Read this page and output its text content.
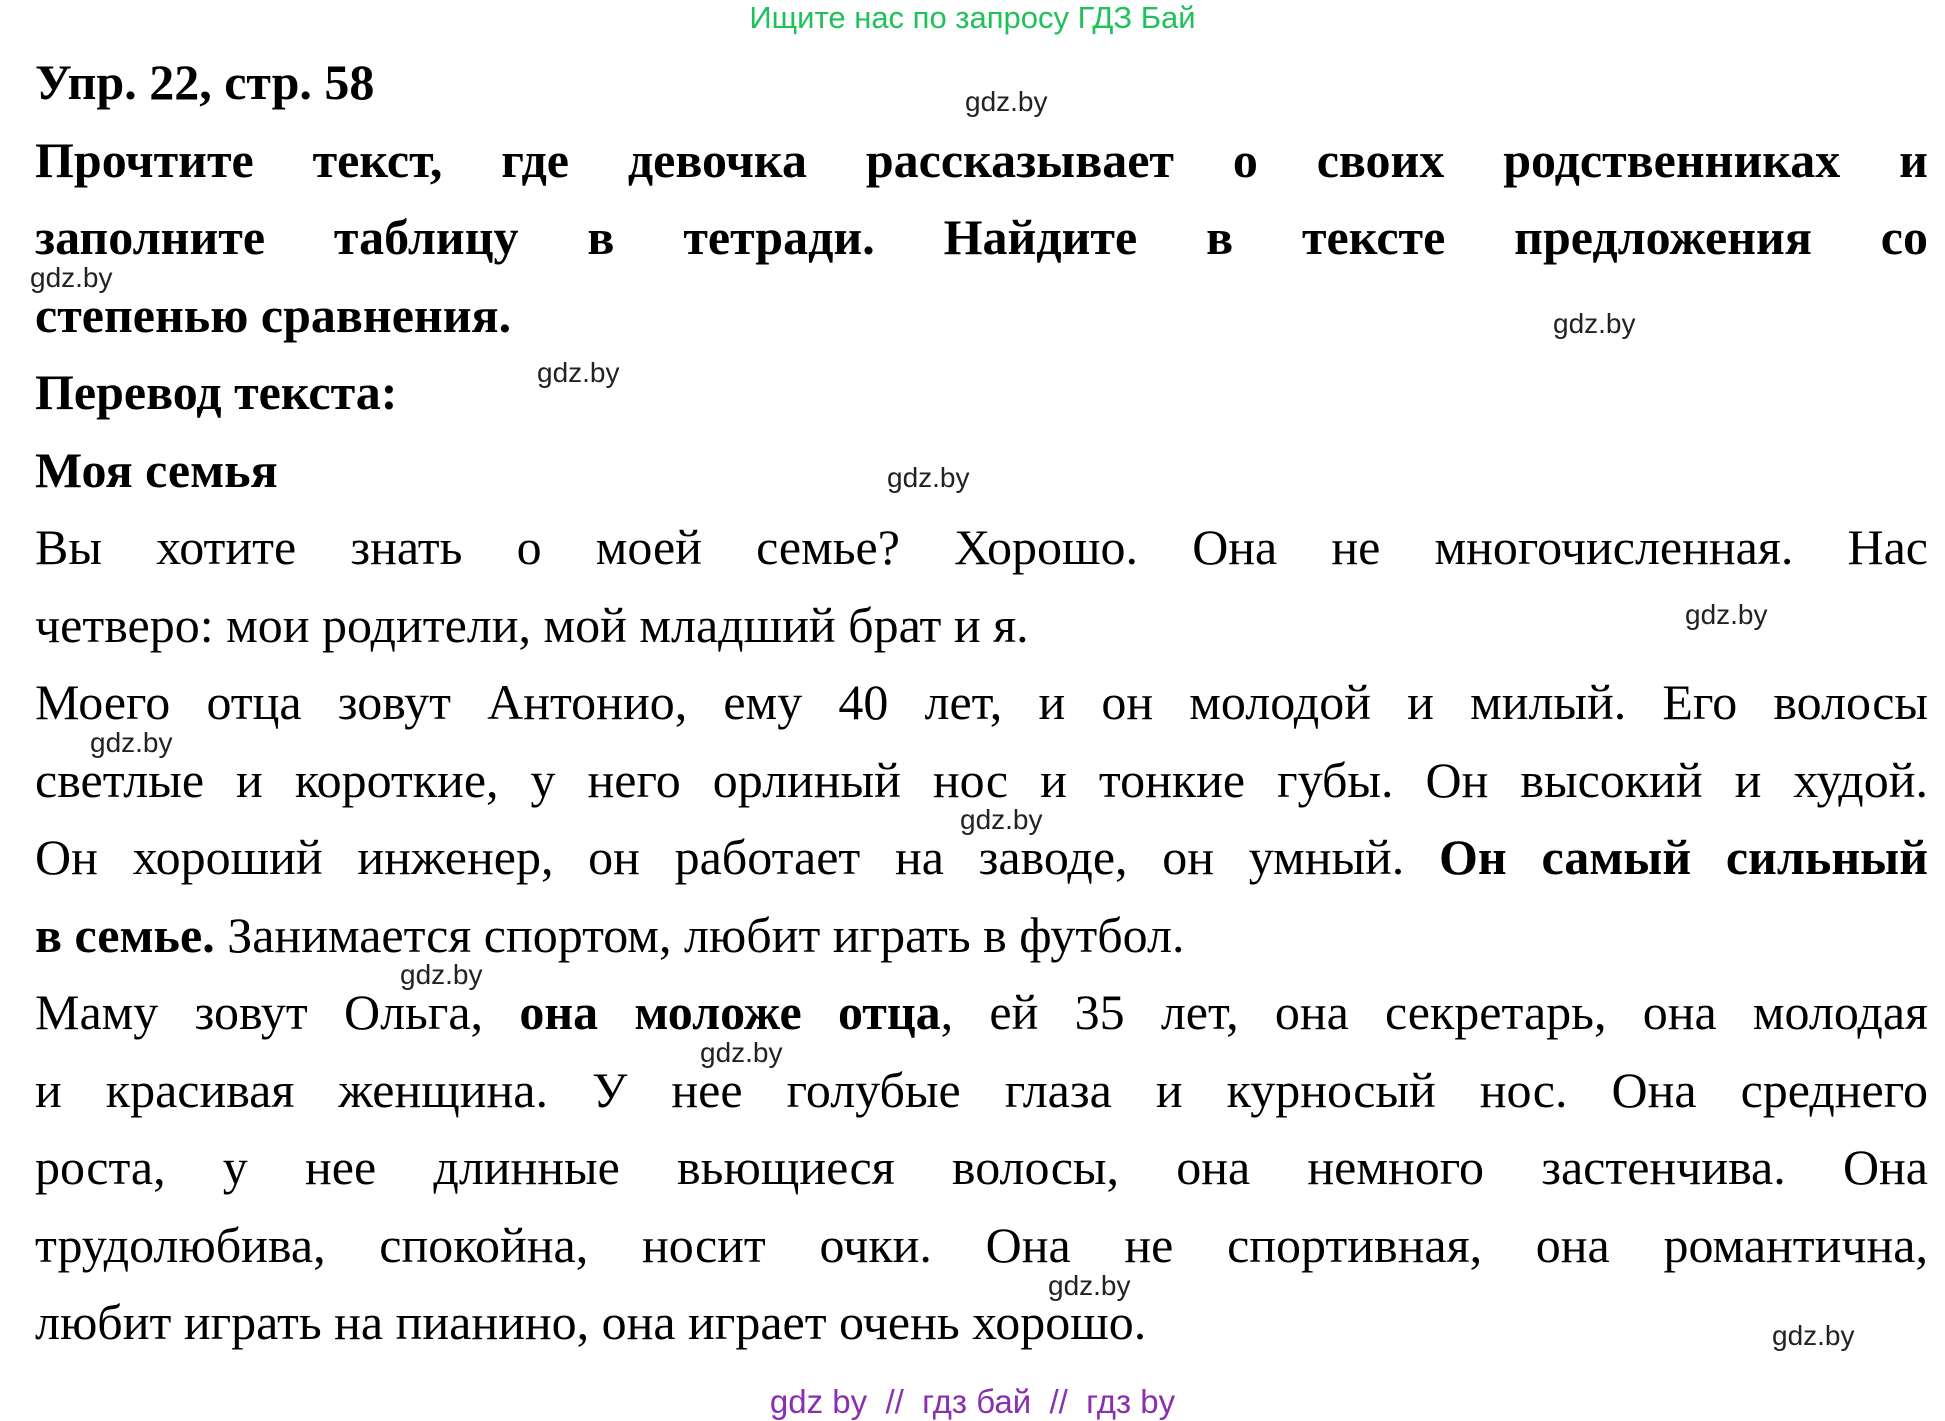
Ищите нас по запросу ГДЗ Бай
Упр. 22, стр. 58
Прочтите текст, где девочка рассказывает о своих родственниках и
заполните таблицу в тетради. Найдите в тексте предложения со
степенью сравнения.
Перевод текста:
Моя семья
Вы хотите знать о моей семье? Хорошо. Она не многочисленная. Нас
четверо: мои родители, мой младший брат и я.
Моего отца зовут Антонио, ему 40 лет, и он молодой и милый. Его волосы
светлые и короткие, у него орлиный нос и тонкие губы. Он высокий и худой.
Он хороший инженер, он работает на заводе, он умный. Он самый сильный
в семье. Занимается спортом, любит играть в футбол.
Маму зовут Ольга, она моложе отца, ей 35 лет, она секретарь, она молодая
и красивая женщина. У нее голубые глаза и курносый нос. Она среднего
роста, у нее длинные вьющиеся волосы, она немного застенчива. Она
трудолюбива, спокойна, носит очки. Она не спортивная, она романтична,
любит играть на пианино, она играет очень хорошо.
gdz.by
gdz.by
gdz.by
gdz.by
gdz.by
gdz.by
gdz.by
gdz.by
gdz.by
gdz.by
gdz.by
gdz.by
gdz by  //  гдз бай  //  гдз by
